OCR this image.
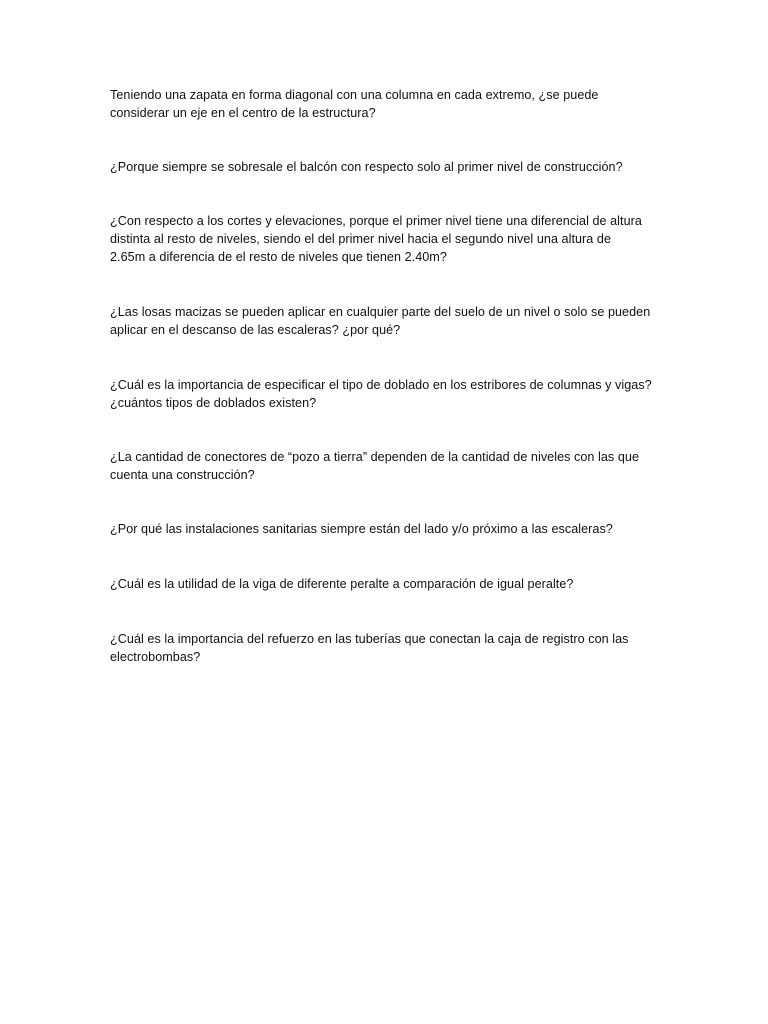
Teniendo una zapata en forma diagonal con una columna en cada extremo, ¿se puede
considerar un eje en el centro de la estructura?

¿Porque siempre se sobresale el balcón con respecto solo al primer nivel de construcción?

¿Con respecto a los cortes y elevaciones, porque el primer nivel tiene una diferencial de altura
distinta al resto de niveles, siendo el del primer nivel hacia el segundo nivel una altura de
2.65m a diferencia de el resto de niveles que tienen 2.40m?

¿Las losas macizas se pueden aplicar en cualquier parte del suelo de un nivel o solo se pueden
aplicar en el descanso de las escaleras? ¿por qué?

¿Cuál es la importancia de especificar el tipo de doblado en los estribores de columnas y vigas?
¿cuántos tipos de doblados existen?

¿La cantidad de conectores de “pozo a tierra” dependen de la cantidad de niveles con las que
cuenta una construcción?

¿Por qué las instalaciones sanitarias siempre están del lado y/o próximo a las escaleras?

¿Cuál es la utilidad de la viga de diferente peralte a comparación de igual peralte?

¿Cuál es la importancia del refuerzo en las tuberías que conectan la caja de registro con las
electrobombas?
